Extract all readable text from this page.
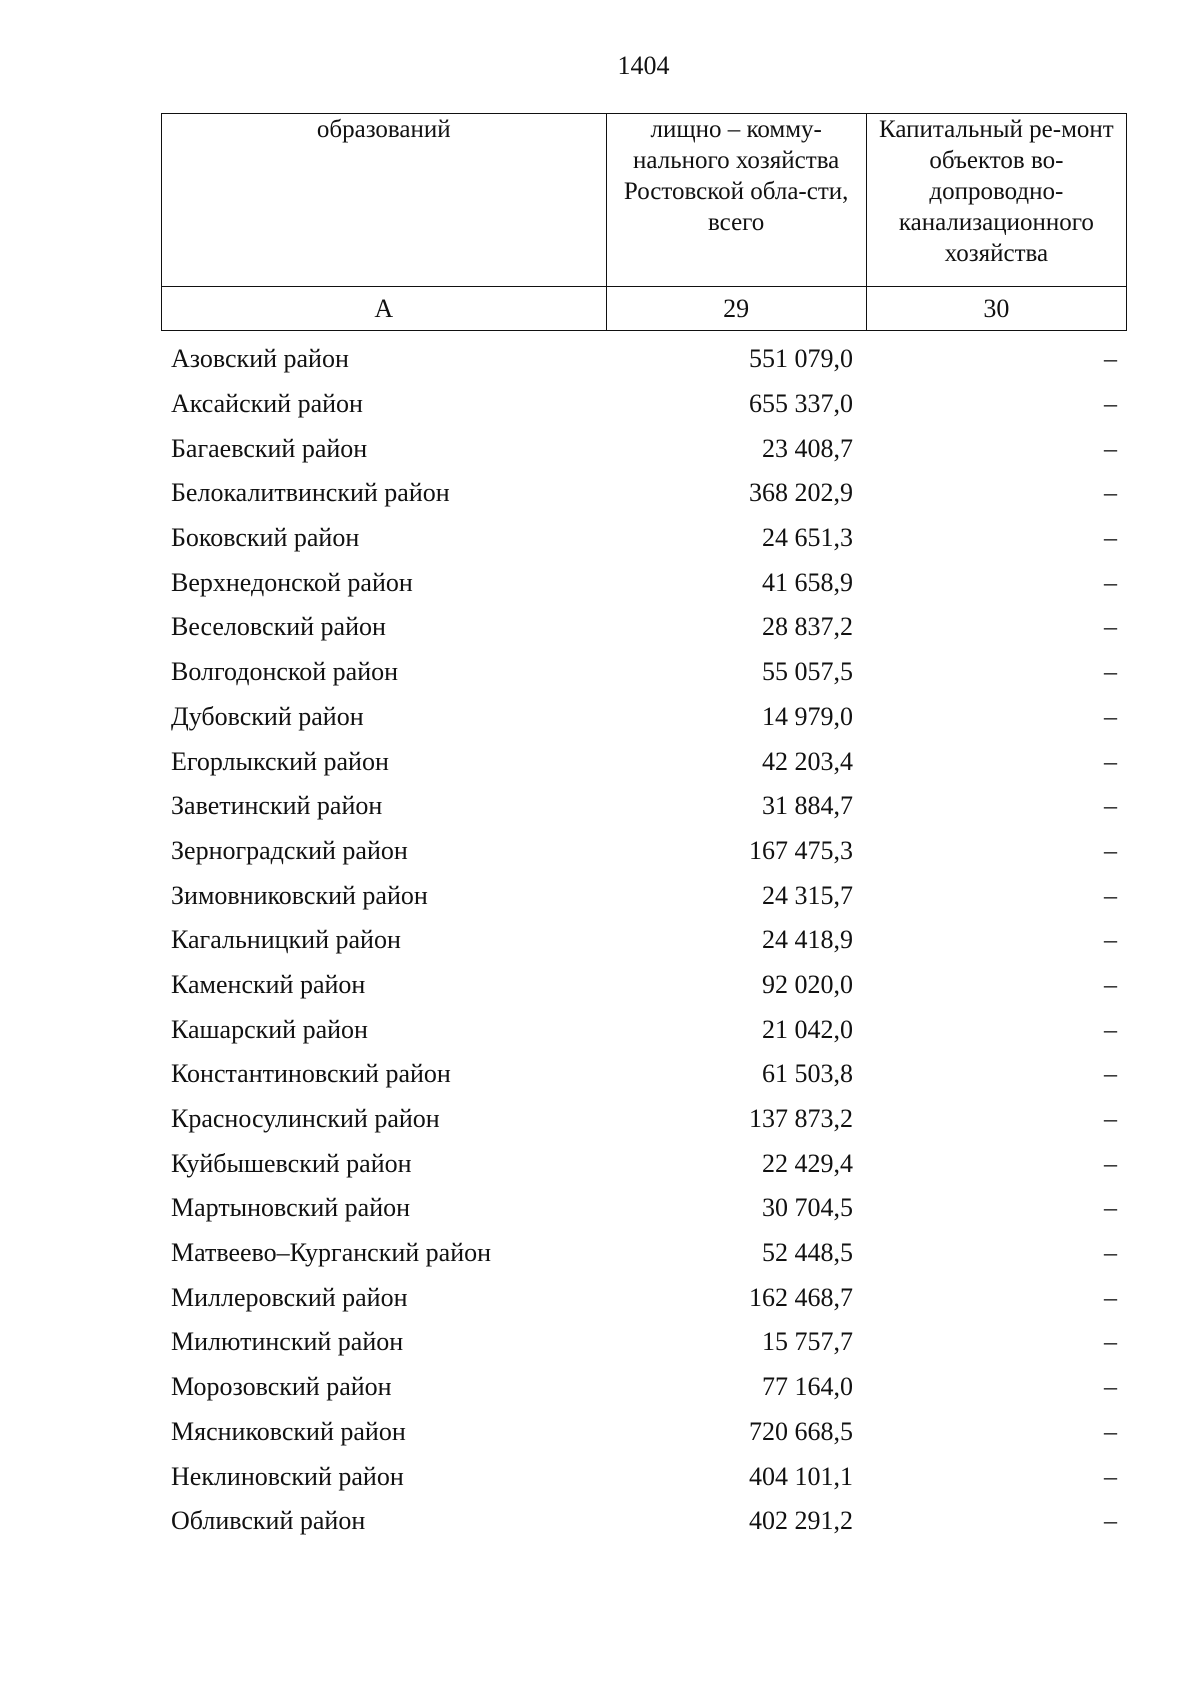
1404
образований	лищно – комму-нального хозяйства Ростовской обла-сти, всего	Капитальный ре-монт объектов во-допроводно-канализационного хозяйства
А	29	30
Азовский район	551 079,0	–
Аксайский район	655 337,0	–
Багаевский район	23 408,7	–
Белокалитвинский район	368 202,9	–
Боковский район	24 651,3	–
Верхнедонской район	41 658,9	–
Веселовский район	28 837,2	–
Волгодонской район	55 057,5	–
Дубовский район	14 979,0	–
Егорлыкский район	42 203,4	–
Заветинский район	31 884,7	–
Зерноградский район	167 475,3	–
Зимовниковский район	24 315,7	–
Кагальницкий район	24 418,9	–
Каменский район	92 020,0	–
Кашарский район	21 042,0	–
Константиновский район	61 503,8	–
Красносулинский район	137 873,2	–
Куйбышевский район	22 429,4	–
Мартыновский район	30 704,5	–
Матвеево–Курганский район	52 448,5	–
Миллеровский район	162 468,7	–
Милютинский район	15 757,7	–
Морозовский район	77 164,0	–
Мясниковский район	720 668,5	–
Неклиновский район	404 101,1	–
Обливский район	402 291,2	–
